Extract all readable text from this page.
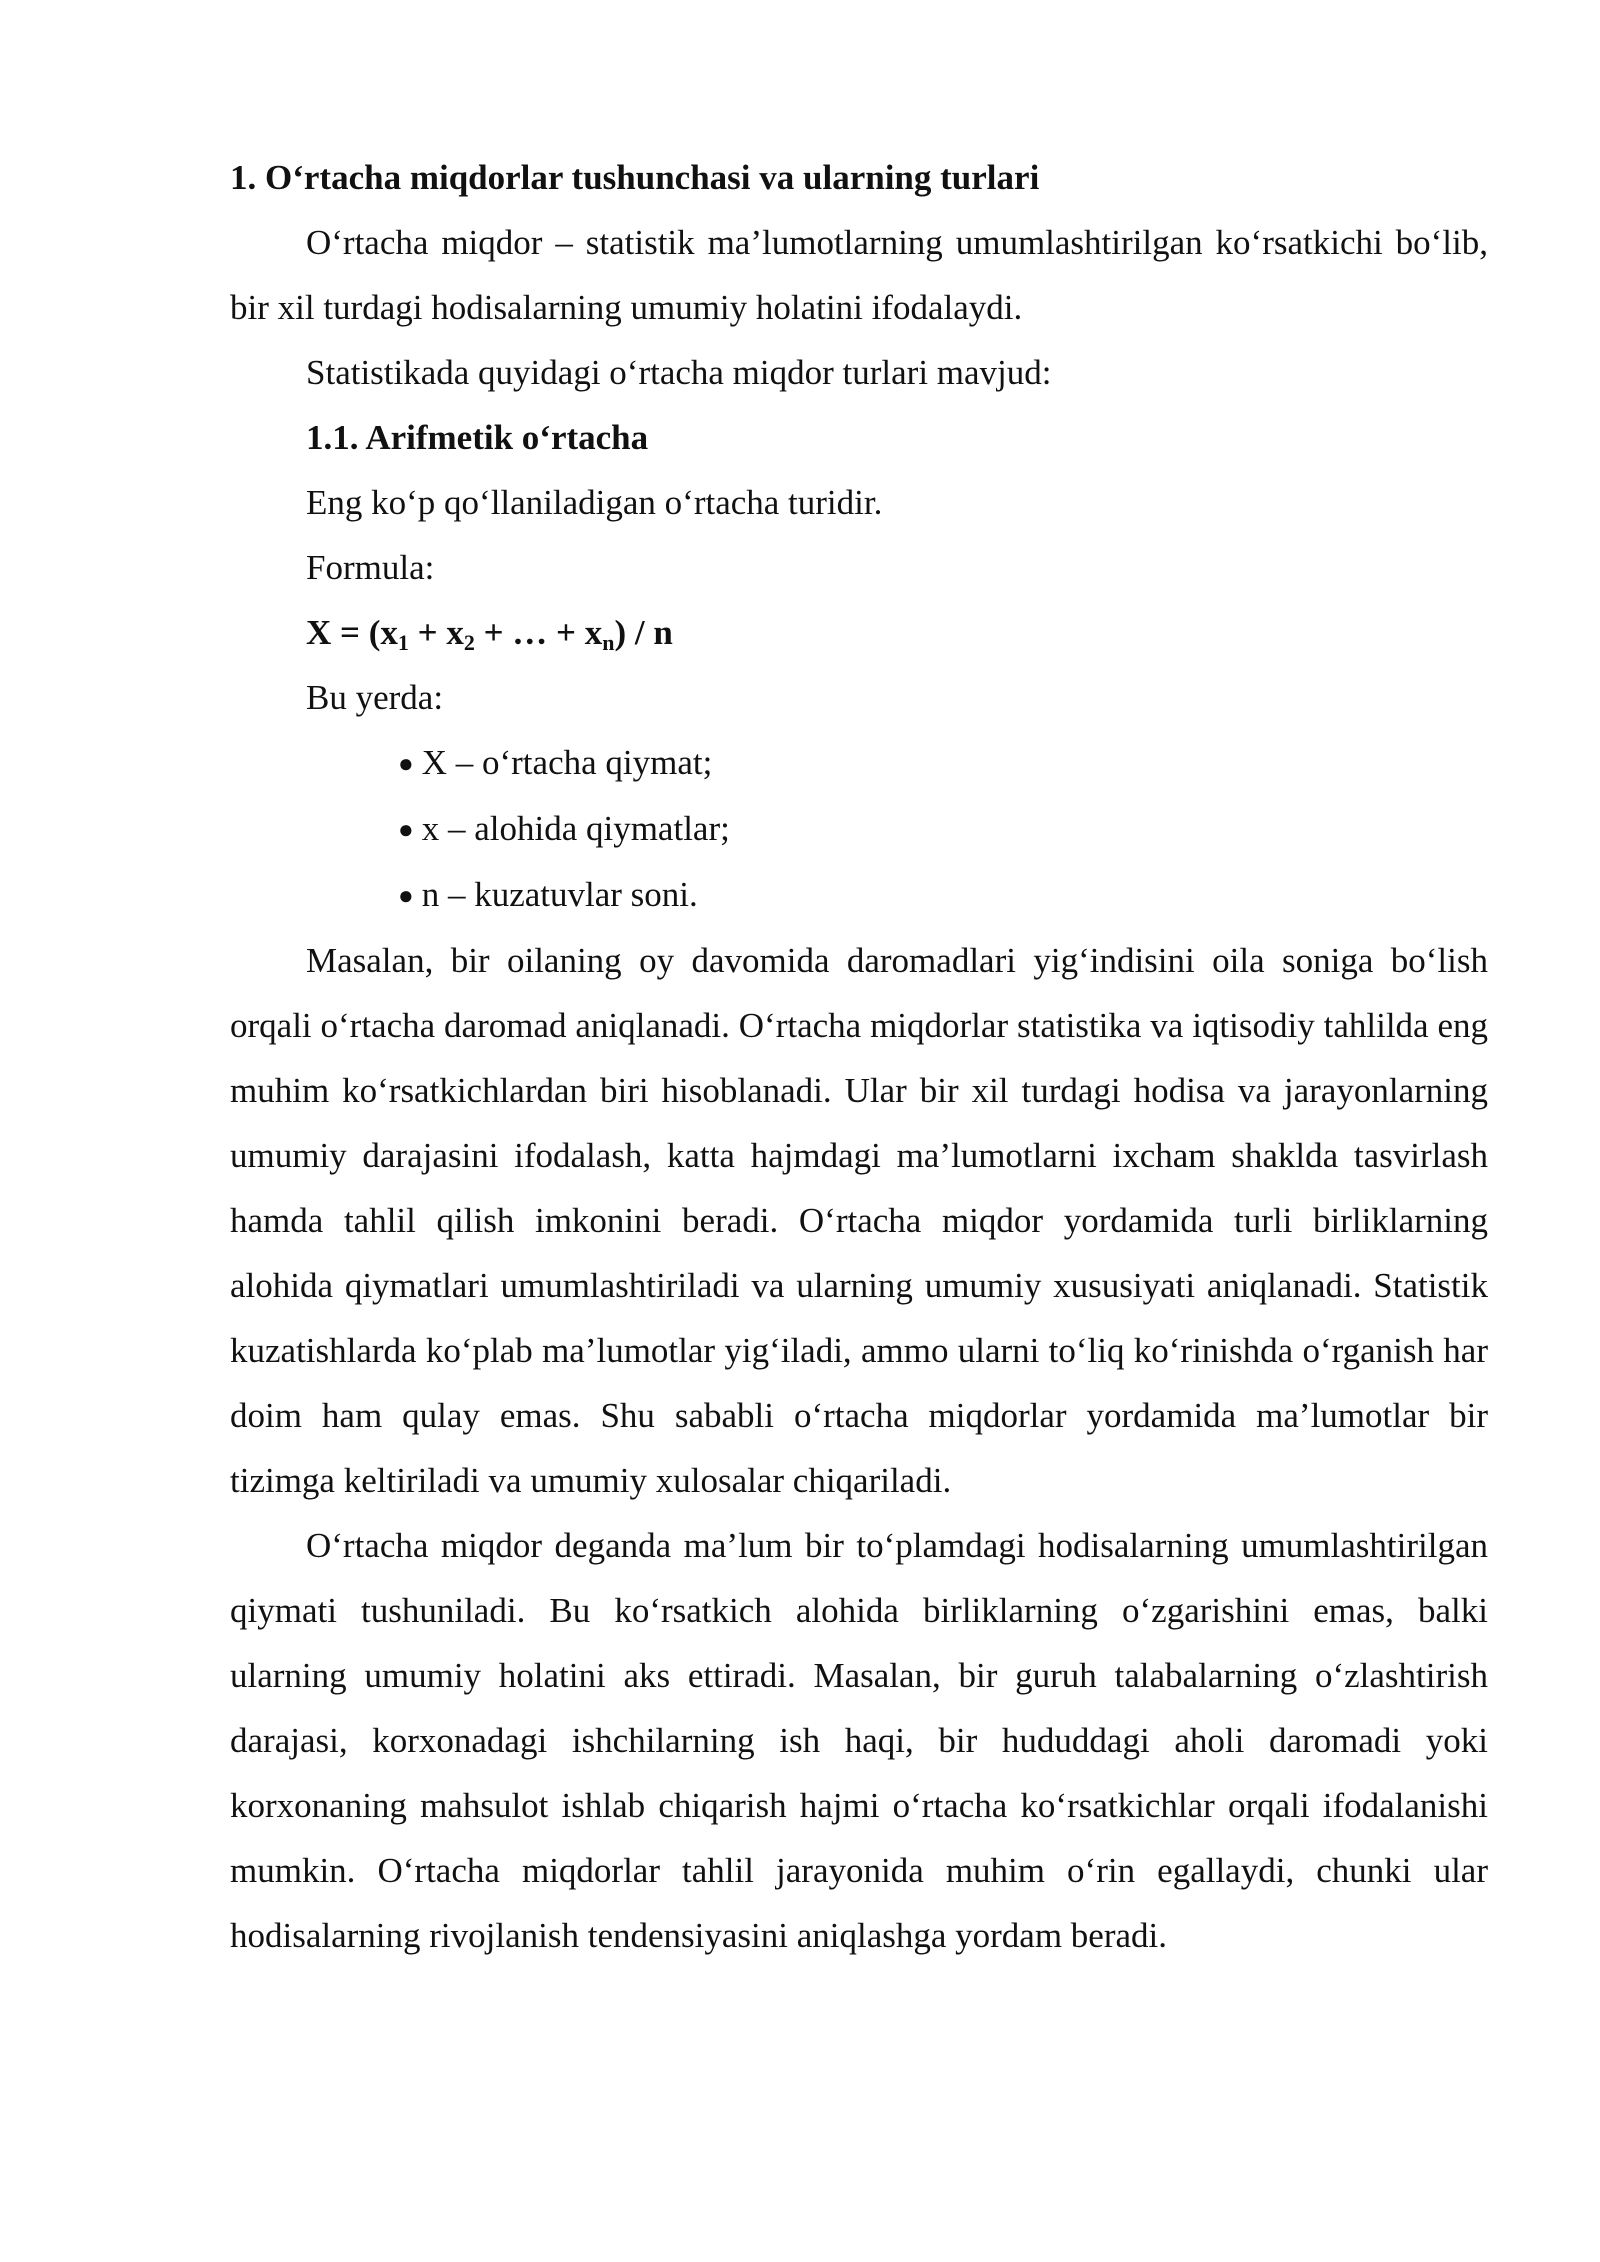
1. O‘rtacha miqdorlar tushunchasi va ularning turlari

O‘rtacha miqdor – statistik ma’lumotlarning umumlashtirilgan ko‘rsatkichi bo‘lib, bir xil turdagi hodisalarning umumiy holatini ifodalaydi.

Statistikada quyidagi o‘rtacha miqdor turlari mavjud:

1.1. Arifmetik o‘rtacha

Eng ko‘p qo‘llaniladigan o‘rtacha turidir.

Formula:

$X = (x_1 + x_2$ + … + $x_n$) / n

Bu yerda:

● X – o‘rtacha qiymat;

● x – alohida qiymatlar;

● n – kuzatuvlar soni.

Masalan, bir oilaning oy davomida daromadlari yig‘indisini oila soniga bo‘lish orqali o‘rtacha daromad aniqlanadi. O‘rtacha miqdorlar statistika va iqtisodiy tahlilda eng muhim ko‘rsatkichlardan biri hisoblanadi. Ular bir xil turdagi hodisa va jarayonlarning umumiy darajasini ifodalash, katta hajmdagi ma’lumotlarni ixcham shaklda tasvirlash hamda tahlil qilish imkonini beradi. O‘rtacha miqdor yordamida turli birliklarning alohida qiymatlari umumlashtiriladi va ularning umumiy xususiyati aniqlanadi. Statistik kuzatishlarda ko‘plab ma’lumotlar yig‘iladi, ammo ularni to‘liq ko‘rinishda o‘rganish har doim ham qulay emas. Shu sababli o‘rtacha miqdorlar yordamida ma’lumotlar bir tizimga keltiriladi va umumiy xulosalar chiqariladi.

O‘rtacha miqdor deganda ma’lum bir to‘plamdagi hodisalarning umumlashtirilgan qiymati tushuniladi. Bu ko‘rsatkich alohida birliklarning o‘zgarishini emas, balki ularning umumiy holatini aks ettiradi. Masalan, bir guruh talabalarning o‘zlashtirish darajasi, korxonadagi ishchilarning ish haqi, bir hududdagi aholi daromadi yoki korxonaning mahsulot ishlab chiqarish hajmi o‘rtacha ko‘rsatkichlar orqali ifodalanishi mumkin. O‘rtacha miqdorlar tahlil jarayonida muhim o‘rin egallaydi, chunki ular hodisalarning rivojlanish tendensiyasini aniqlashga yordam beradi.
